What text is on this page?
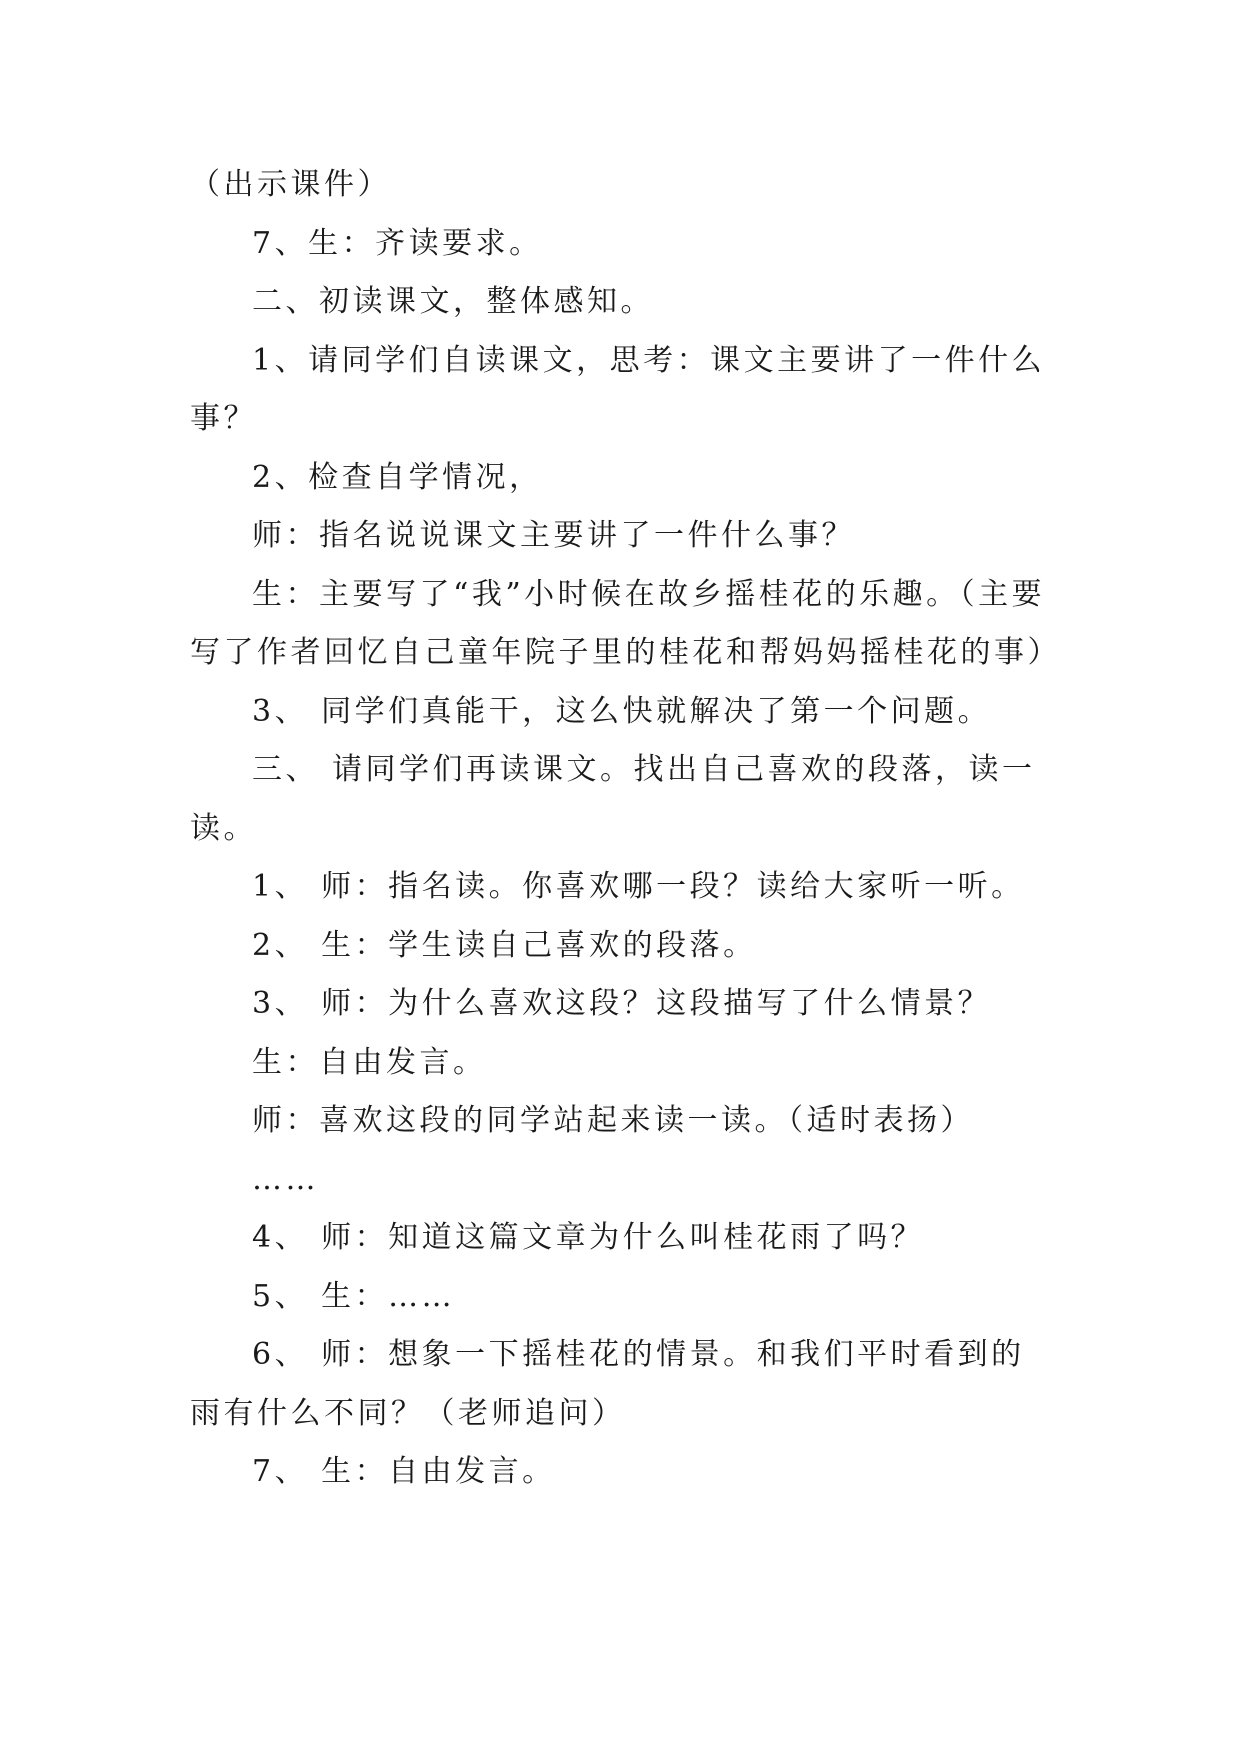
（出示课件）

7、生：齐读要求。

二、初读课文，整体感知。

1、请同学们自读课文，思考：课文主要讲了一件什么事？

2、检查自学情况，

师：指名说说课文主要讲了一件什么事？

生：主要写了“我”小时候在故乡摇桂花的乐趣。（主要写了作者回忆自己童年院子里的桂花和帮妈妈摇桂花的事）

3、 同学们真能干，这么快就解决了第一个问题。

三、 请同学们再读课文。找出自己喜欢的段落，读一读。

1、 师：指名读。你喜欢哪一段？读给大家听一听。

2、 生：学生读自己喜欢的段落。

3、 师：为什么喜欢这段？这段描写了什么情景？

生：自由发言。

师：喜欢这段的同学站起来读一读。（适时表扬）

……

4、 师：知道这篇文章为什么叫桂花雨了吗？

5、 生：……

6、 师：想象一下摇桂花的情景。和我们平时看到的雨有什么不同？（老师追问）

7、 生：自由发言。
